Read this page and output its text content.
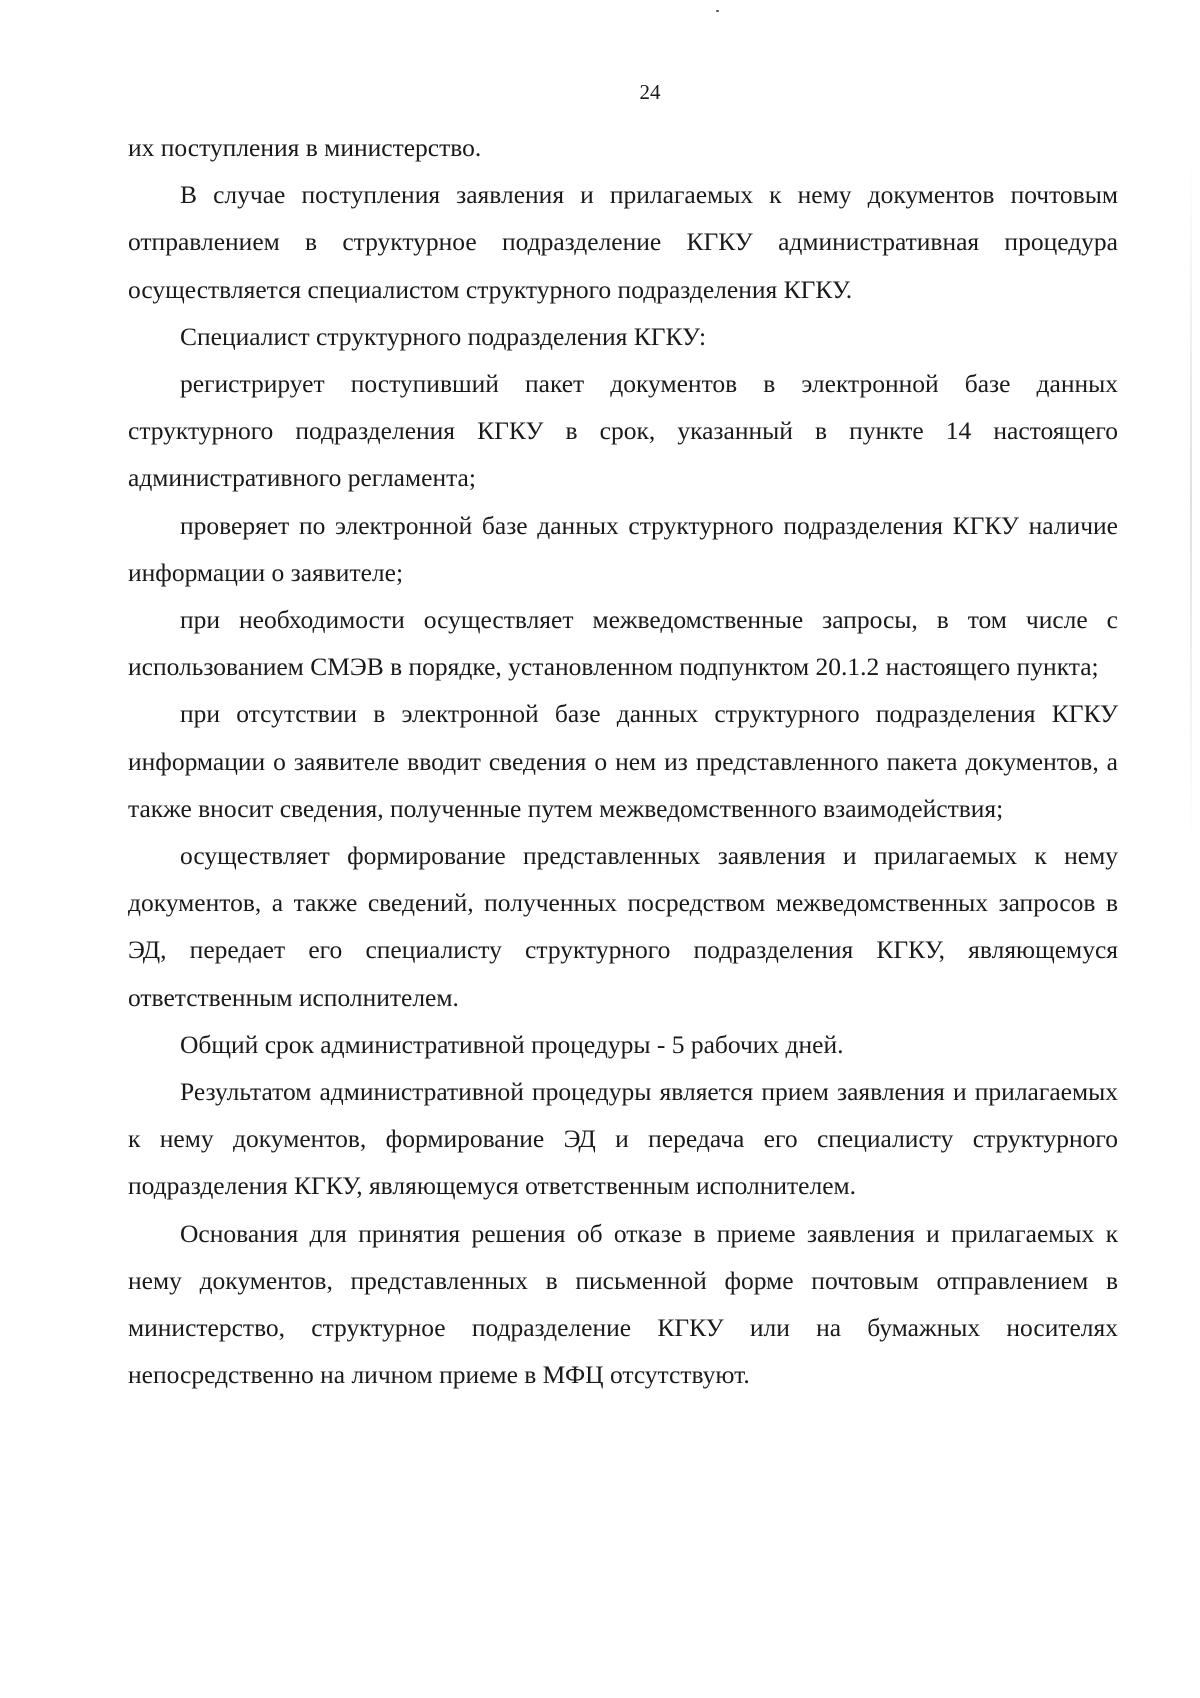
24

их поступления в министерство.

В случае поступления заявления и прилагаемых к нему документов почтовым отправлением в структурное подразделение КГКУ административная процедура осуществляется специалистом структурного подразделения КГКУ.

Специалист структурного подразделения КГКУ:

регистрирует поступивший пакет документов в электронной базе данных структурного подразделения КГКУ в срок, указанный в пункте 14 настоящего административного регламента;

проверяет по электронной базе данных структурного подразделения КГКУ наличие информации о заявителе;

при необходимости осуществляет межведомственные запросы, в том числе с использованием СМЭВ в порядке, установленном подпунктом 20.1.2 настоящего пункта;

при отсутствии в электронной базе данных структурного подразделения КГКУ информации о заявителе вводит сведения о нем из представленного пакета документов, а также вносит сведения, полученные путем межведомственного взаимодействия;

осуществляет формирование представленных заявления и прилагаемых к нему документов, а также сведений, полученных посредством межведомственных запросов в ЭД, передает его специалисту структурного подразделения КГКУ, являющемуся ответственным исполнителем.

Общий срок административной процедуры - 5 рабочих дней.

Результатом административной процедуры является прием заявления и прилагаемых к нему документов, формирование ЭД и передача его специалисту структурного подразделения КГКУ, являющемуся ответственным исполнителем.

Основания для принятия решения об отказе в приеме заявления и прилагаемых к нему документов, представленных в письменной форме почтовым отправлением в министерство, структурное подразделение КГКУ или на бумажных носителях непосредственно на личном приеме в МФЦ отсутствуют.
